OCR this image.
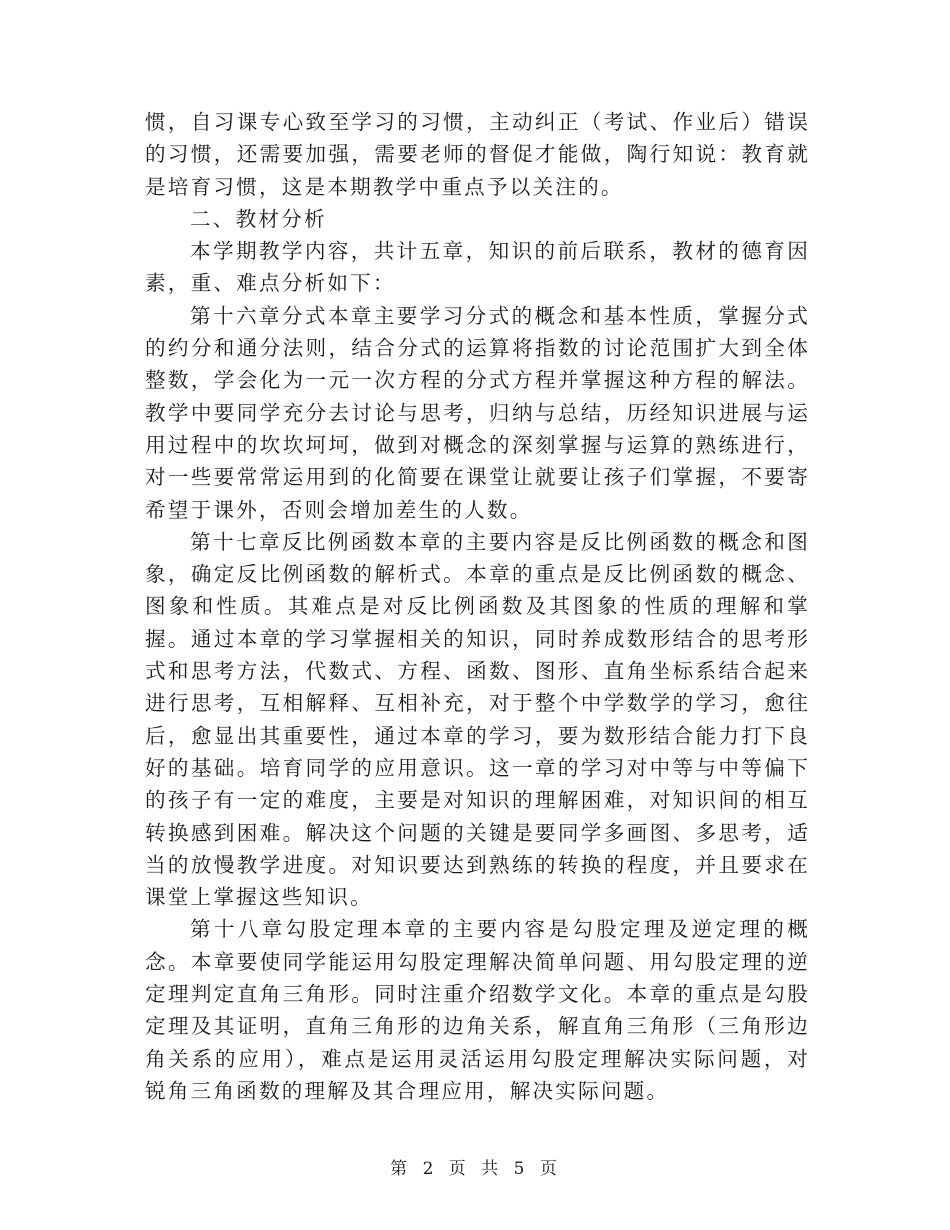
惯，自习课专心致至学习的习惯，主动纠正（考试、作业后）错误的习惯，还需要加强，需要老师的督促才能做，陶行知说：教育就是培育习惯，这是本期教学中重点予以关注的。

二、教材分析

本学期教学内容，共计五章，知识的前后联系，教材的德育因素，重、难点分析如下：

第十六章分式本章主要学习分式的概念和基本性质，掌握分式的约分和通分法则，结合分式的运算将指数的讨论范围扩大到全体整数，学会化为一元一次方程的分式方程并掌握这种方程的解法。教学中要同学充分去讨论与思考，归纳与总结，历经知识进展与运用过程中的坎坎坷坷，做到对概念的深刻掌握与运算的熟练进行，对一些要常常运用到的化简要在课堂让就要让孩子们掌握，不要寄希望于课外，否则会增加差生的人数。

第十七章反比例函数本章的主要内容是反比例函数的概念和图象，确定反比例函数的解析式。本章的重点是反比例函数的概念、图象和性质。其难点是对反比例函数及其图象的性质的理解和掌握。通过本章的学习掌握相关的知识，同时养成数形结合的思考形式和思考方法，代数式、方程、函数、图形、直角坐标系结合起来进行思考，互相解释、互相补充，对于整个中学数学的学习，愈往后，愈显出其重要性，通过本章的学习，要为数形结合能力打下良好的基础。培育同学的应用意识。这一章的学习对中等与中等偏下的孩子有一定的难度，主要是对知识的理解困难，对知识间的相互转换感到困难。解决这个问题的关键是要同学多画图、多思考，适当的放慢教学进度。对知识要达到熟练的转换的程度，并且要求在课堂上掌握这些知识。

第十八章勾股定理本章的主要内容是勾股定理及逆定理的概念。本章要使同学能运用勾股定理解决简单问题、用勾股定理的逆定理判定直角三角形。同时注重介绍数学文化。本章的重点是勾股定理及其证明，直角三角形的边角关系，解直角三角形（三角形边角关系的应用），难点是运用灵活运用勾股定理解决实际问题，对锐角三角函数的理解及其合理应用，解决实际问题。

第 2 页 共 5 页
